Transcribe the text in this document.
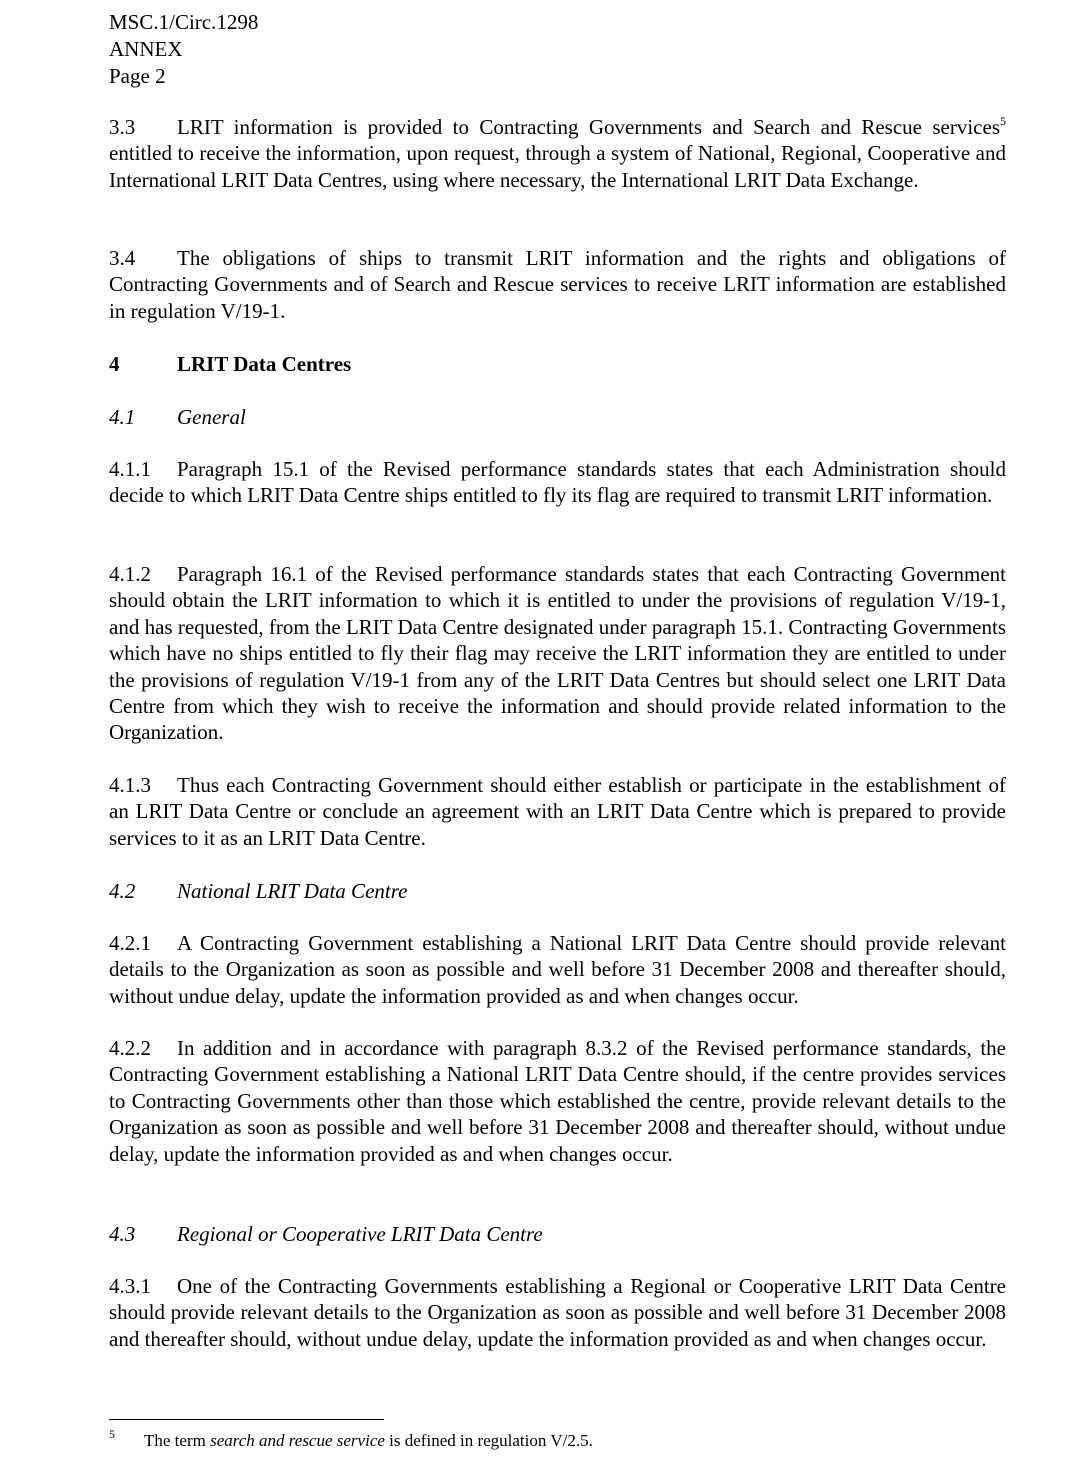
MSC.1/Circ.1298
ANNEX
Page 2
3.3 LRIT information is provided to Contracting Governments and Search and Rescue services$^5$ entitled to receive the information, upon request, through a system of National, Regional, Cooperative and International LRIT Data Centres, using where necessary, the International LRIT Data Exchange.
3.4 The obligations of ships to transmit LRIT information and the rights and obligations of Contracting Governments and of Search and Rescue services to receive LRIT information are established in regulation V/19-1.
4	LRIT Data Centres
4.1 General
4.1.1 Paragraph 15.1 of the Revised performance standards states that each Administration should decide to which LRIT Data Centre ships entitled to fly its flag are required to transmit LRIT information.
4.1.2 Paragraph 16.1 of the Revised performance standards states that each Contracting Government should obtain the LRIT information to which it is entitled to under the provisions of regulation V/19-1, and has requested, from the LRIT Data Centre designated under paragraph 15.1. Contracting Governments which have no ships entitled to fly their flag may receive the LRIT information they are entitled to under the provisions of regulation V/19-1 from any of the LRIT Data Centres but should select one LRIT Data Centre from which they wish to receive the information and should provide related information to the Organization.
4.1.3 Thus each Contracting Government should either establish or participate in the establishment of an LRIT Data Centre or conclude an agreement with an LRIT Data Centre which is prepared to provide services to it as an LRIT Data Centre.
4.2 National LRIT Data Centre
4.2.1 A Contracting Government establishing a National LRIT Data Centre should provide relevant details to the Organization as soon as possible and well before 31 December 2008 and thereafter should, without undue delay, update the information provided as and when changes occur.
4.2.2 In addition and in accordance with paragraph 8.3.2 of the Revised performance standards, the Contracting Government establishing a National LRIT Data Centre should, if the centre provides services to Contracting Governments other than those which established the centre, provide relevant details to the Organization as soon as possible and well before 31 December 2008 and thereafter should, without undue delay, update the information provided as and when changes occur.
4.3 Regional or Cooperative LRIT Data Centre
4.3.1 One of the Contracting Governments establishing a Regional or Cooperative LRIT Data Centre should provide relevant details to the Organization as soon as possible and well before 31 December 2008 and thereafter should, without undue delay, update the information provided as and when changes occur.
5 The term search and rescue service is defined in regulation V/2.5.
